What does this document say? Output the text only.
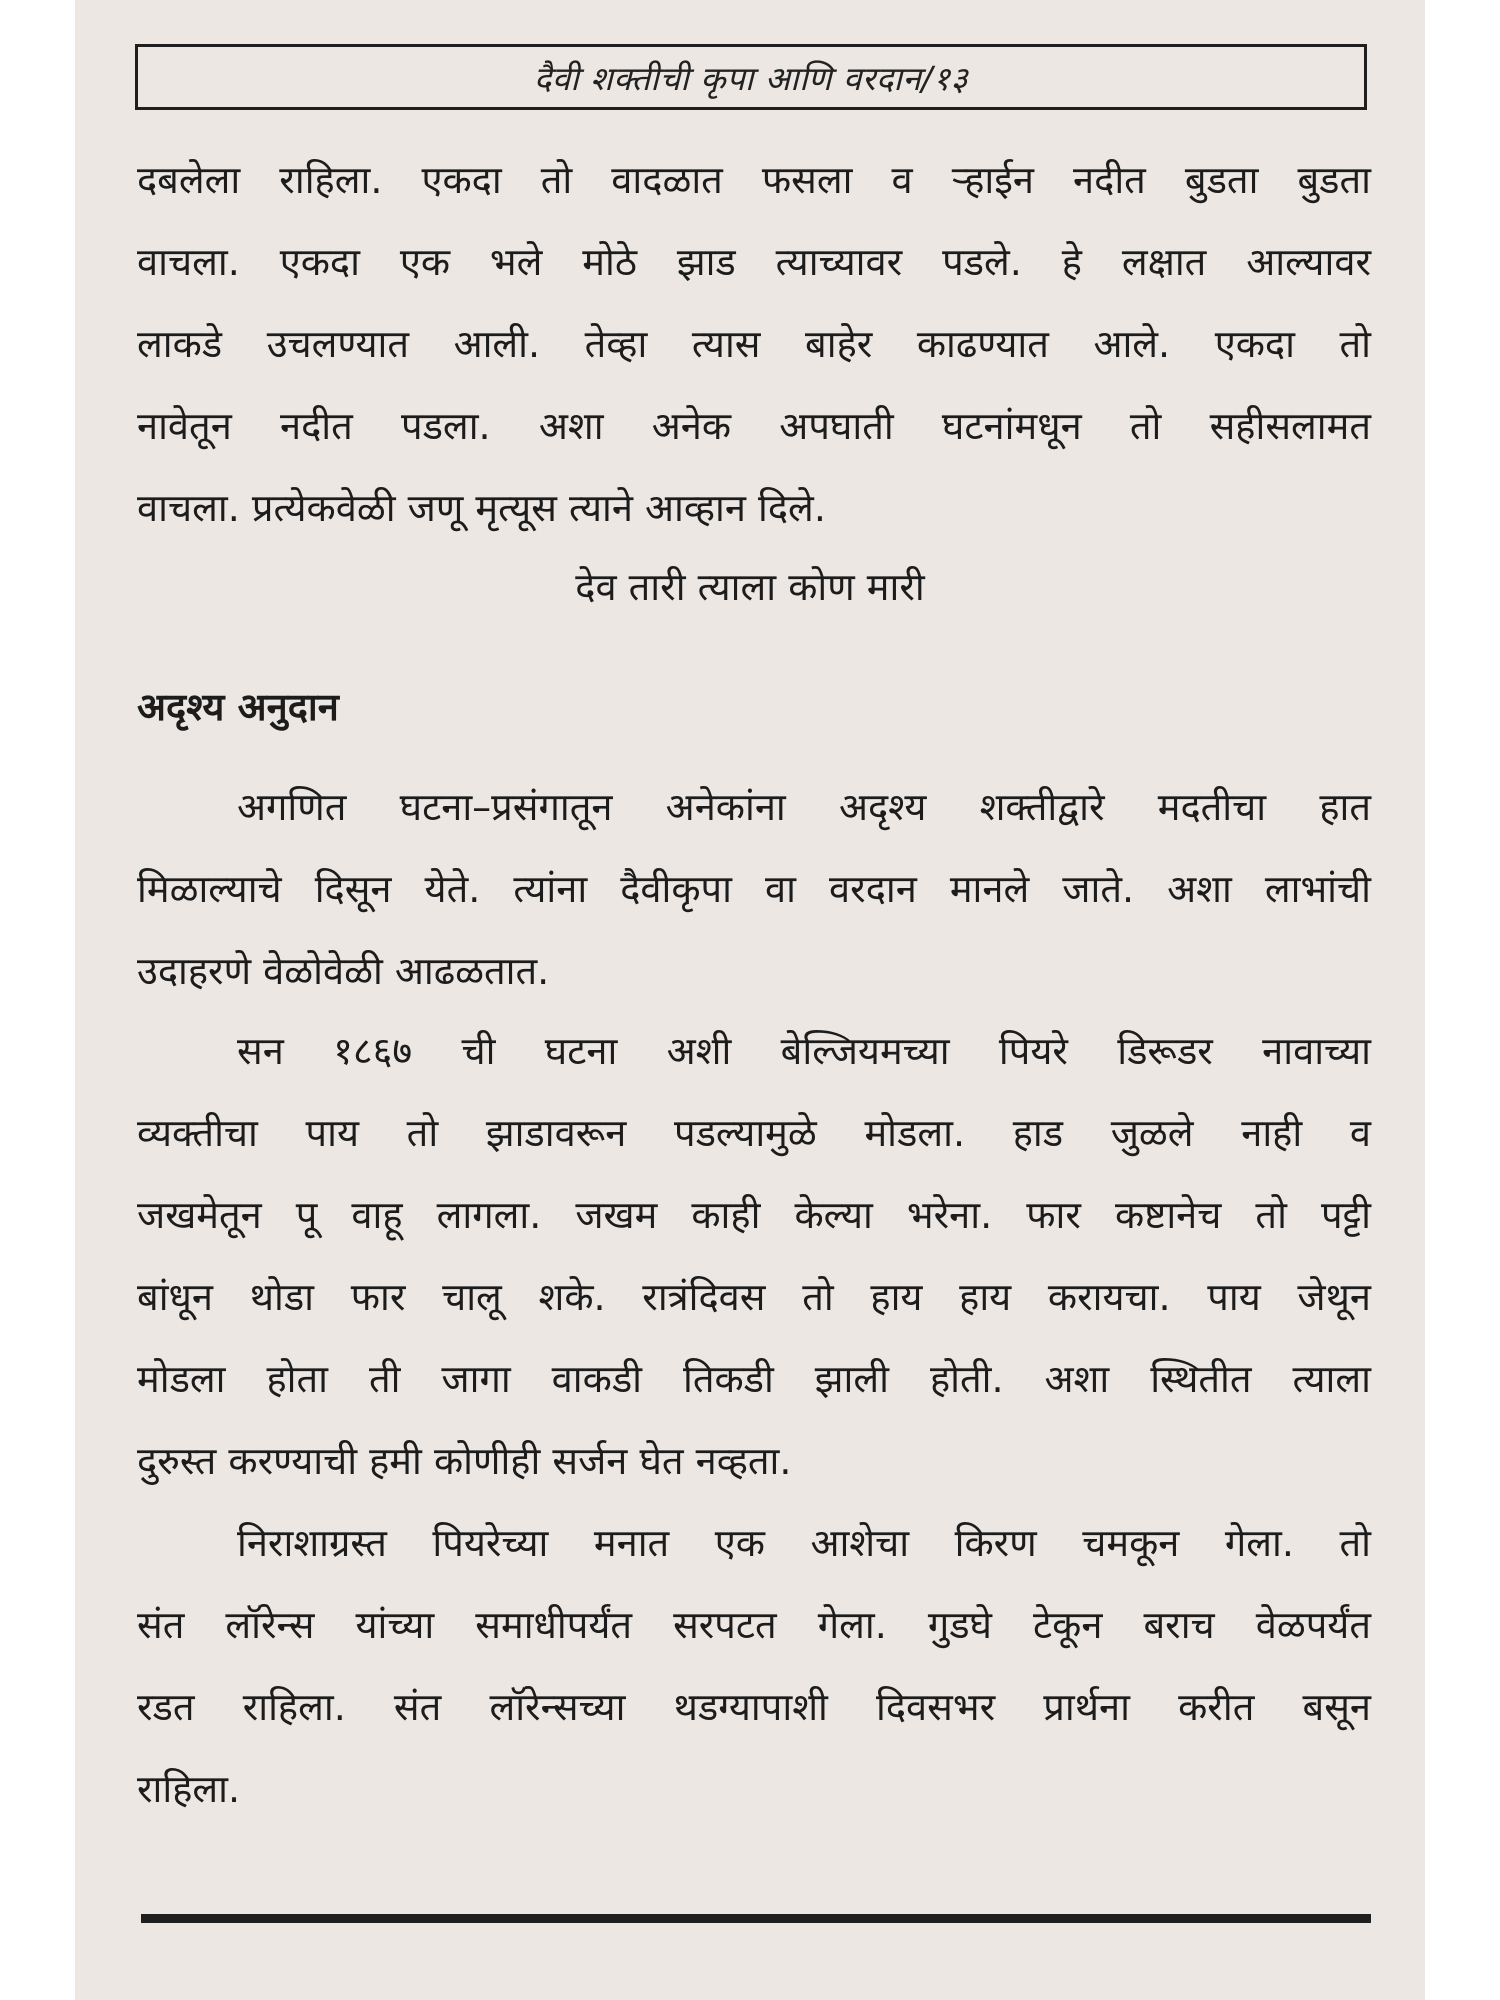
दैवी शक्तीची कृपा आणि वरदान/१३
दबलेला राहिला. एकदा तो वादळात फसला व ऱ्हाईन नदीत बुडता बुडता
वाचला. एकदा एक भले मोठे झाड त्याच्यावर पडले. हे लक्षात आल्यावर
लाकडे उचलण्यात आली. तेव्हा त्यास बाहेर काढण्यात आले. एकदा तो
नावेतून नदीत पडला. अशा अनेक अपघाती घटनांमधून तो सहीसलामत
वाचला. प्रत्येकवेळी जणू मृत्यूस त्याने आव्हान दिले.
देव तारी त्याला कोण मारी
अदृश्य अनुदान
अगणित घटना–प्रसंगातून अनेकांना अदृश्य शक्तीद्वारे मदतीचा हात
मिळाल्याचे दिसून येते. त्यांना दैवीकृपा वा वरदान मानले जाते. अशा लाभांची
उदाहरणे वेळोवेळी आढळतात.
सन १८६७ ची घटना अशी बेल्जियमच्या पियरे डिरूडर नावाच्या
व्यक्तीचा पाय तो झाडावरून पडल्यामुळे मोडला. हाड जुळले नाही व
जखमेतून पू वाहू लागला. जखम काही केल्या भरेना. फार कष्टानेच तो पट्टी
बांधून थोडा फार चालू शके. रात्रंदिवस तो हाय हाय करायचा. पाय जेथून
मोडला होता ती जागा वाकडी तिकडी झाली होती. अशा स्थितीत त्याला
दुरुस्त करण्याची हमी कोणीही सर्जन घेत नव्हता.
निराशाग्रस्त पियरेच्या मनात एक आशेचा किरण चमकून गेला. तो
संत लॉरेन्स यांच्या समाधीपर्यंत सरपटत गेला. गुडघे टेकून बराच वेळपर्यंत
रडत राहिला. संत लॉरेन्सच्या थडग्यापाशी दिवसभर प्रार्थना करीत बसून
राहिला.
